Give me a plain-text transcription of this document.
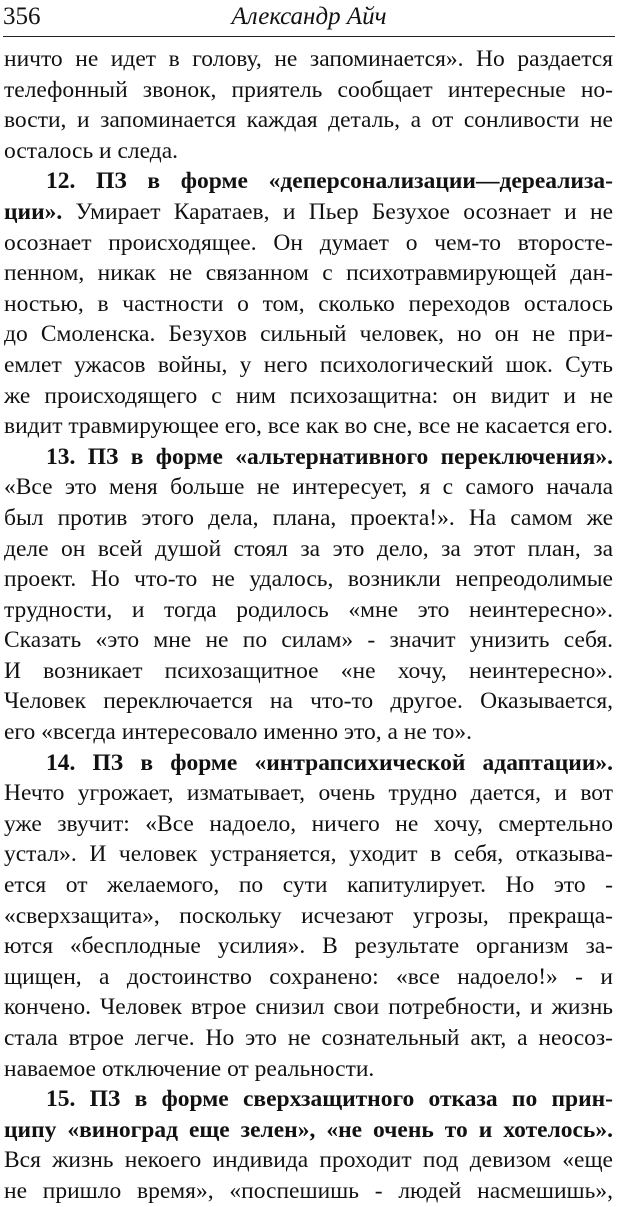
356	Александр Айч
ничто не идет в голову, не запоминается». Но раздается
телефонный звонок, приятель сообщает интересные но-
вости, и запоминается каждая деталь, а от сонливости не
осталось и следа.
12. ПЗ в форме «деперсонализации—дереализа-
ции». Умирает Каратаев, и Пьер Безухое осознает и не
осознает происходящее. Он думает о чем-то второсте-
пенном, никак не связанном с психотравмирующей дан-
ностью, в частности о том, сколько переходов осталось
до Смоленска. Безухов сильный человек, но он не при-
емлет ужасов войны, у него психологический шок. Суть
же происходящего с ним психозащитна: он видит и не
видит травмирующее его, все как во сне, все не касается его.
13. ПЗ в форме «альтернативного переключения».
«Все это меня больше не интересует, я с самого начала
был против этого дела, плана, проекта!». На самом же
деле он всей душой стоял за это дело, за этот план, за
проект. Но что-то не удалось, возникли непреодолимые
трудности, и тогда родилось «мне это неинтересно».
Сказать «это мне не по силам» - значит унизить себя.
И возникает психозащитное «не хочу, неинтересно».
Человек переключается на что-то другое. Оказывается,
его «всегда интересовало именно это, а не то».
14. ПЗ в форме «интрапсихической адаптации».
Нечто угрожает, изматывает, очень трудно дается, и вот
уже звучит: «Все надоело, ничего не хочу, смертельно
устал». И человек устраняется, уходит в себя, отказыва-
ется от желаемого, по сути капитулирует. Но это -
«сверхзащита», поскольку исчезают угрозы, прекраща-
ются «бесплодные усилия». В результате организм за-
щищен, а достоинство сохранено: «все надоело!» - и
кончено. Человек втрое снизил свои потребности, и жизнь
стала втрое легче. Но это не сознательный акт, а неосоз-
наваемое отключение от реальности.
15. ПЗ в форме сверхзащитного отказа по прин-
ципу «виноград еще зелен», «не очень то и хотелось».
Вся жизнь некоего индивида проходит под девизом «еще
не пришло время», «поспешишь - людей насмешишь»,
